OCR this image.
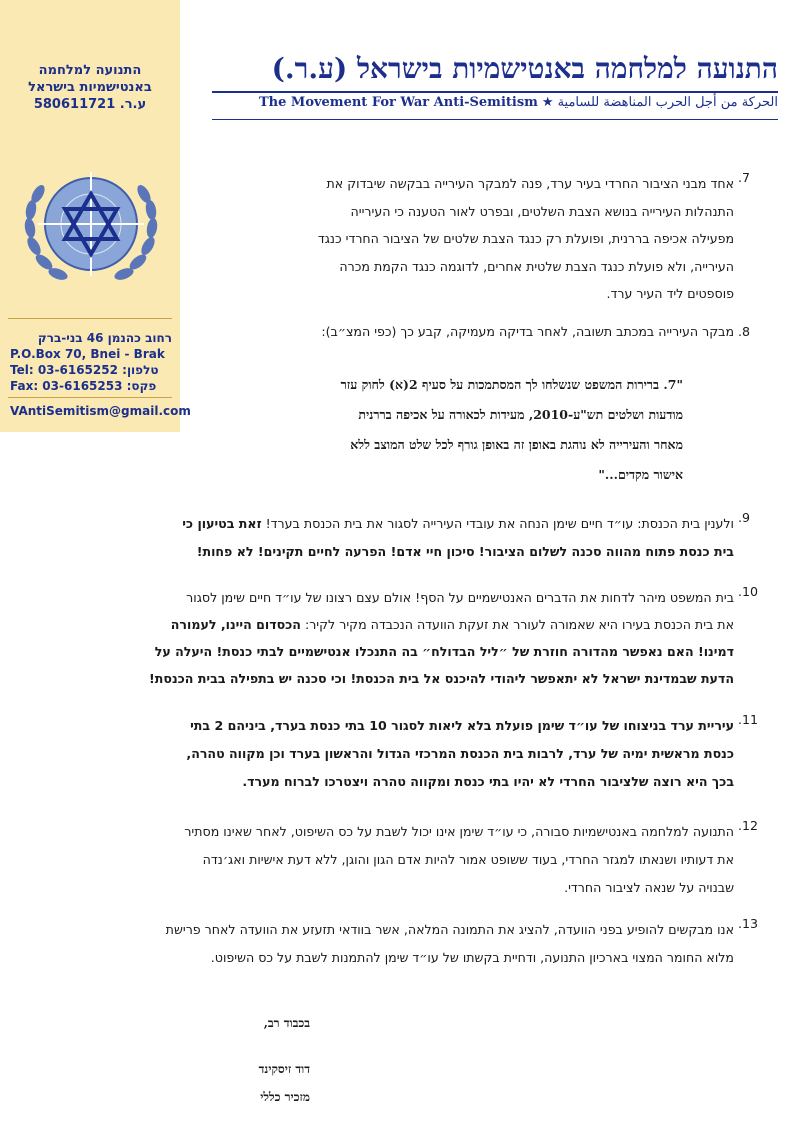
התנועה למלחמה
באנטישמיות בישראל
ע.ר. 580611721
רחוב כהנמן 46 בני-ברק
P.O.Box 70, Bnei - Brak
Tel: 03-6165252 :טלפון
Fax: 03-6165253 :פקס
VAntiSemitism@gmail.com
התנועה למלחמה באנטישמיות בישראל (ע.ר.)
The Movement For War Anti-Semitism ★ الحركة من أجل الحرب المناهضة للسامية
.7
אחד מבני הציבור החרדי בעיר ערד, פנה למבקר העירייה בבקשה שיבדוק את
התנהלות העירייה בנושא הצבת השלטים, ובפרט לאור הטענה כי העירייה
מפעילה אכיפה בררנית, ופועלת רק כנגד הצבת שלטים של הציבור החרדי כנגד
העירייה, ולא פועלת כנגד הצבת שלטית אחרים, לדוגמה כנגד הקמת מכרה
פוספטים ליד העיר ערד.
.8
מבקר העירייה במכתב תשובה, לאחר בדיקה מעמיקה, קבע כך (כפי המצ״ב):
"7. ברירות המשפט שנשלחו לך המסתמכות על סעיף 2(א) לחוק עזר
מודעות ושלטים תש"ע-2010, מעידות לכאורה על אכיפה בררנית
מאחר והעירייה לא נוהגת באופן זה באופן גורף לכל שלט המוצב ללא
אישור מקדים..."
.9
ולענין בית הכנסת: עו״ד חיים שימן הנחה את עובדי העירייה לסגור את בית הכנסת בערד! זאת בטיעון כי
בית כנסת פתוח מהווה סכנה לשלום הציבור! סיכון חיי אדם! הפרעה לחיים תקינים! לא פחות!
.10
בית המשפט מיהר לדחות את הדברים האנטישמיים על הסף! אולם עצם רצונו של עו״ד חיים שימן לסגור
את בית הכנסת בעירו היא שאמורה לעורר את זעקת הוועדה הנכבדה מקיר לקיר: הכסדום היינו, לעמורה
דמינו! האם נאפשר מהדורה חוזרת של ״ליל הבדולח״ בה התנכלו אנטישמיים לבתי כנסת! היעלה על
הדעת שבמדינת ישראל לא יתאפשר ליהודי להיכנס אל בית הכנסת! וכי סכנה יש בתפילה בבית הכנסת!
.11
עיריית ערד בניצוחו של עו״ד שימן פועלת בלא ליאות לסגור 10 בתי כנסת בערד, ביניהם 2 בתי
כנסת מראשית ימיה של ערד, לרבות בית הכנסת המרכזי הגדול והראשון בערד וכן מקווה טהרה,
בכך היא רוצה שלציבור החרדי לא יהיו בתי כנסת ומקווה טהרה ויצטרכו לברוח מערד.
.12
התנועה למלחמה באנטישמיות סבורה, כי עו״ד שימן אינו יכול לשבת על כס השיפוט, לאחר שאינו מסתיר
את דעותיו ושנאתו למגזר החרדי, בעוד ששופט אמור להיות אדם הגון והוגן, ללא דעת אישיות ואג׳נדה
שבנויה על שנאה לציבור החרדי.
.13
אנו מבקשים להופיע בפני הוועדה, להציג את התמונה המלאה, אשר בוודאי תזעזע את הוועדה לאחר פרישת
מלוא החומר המצוי בארכיון התנועה, ודחיית בקשתו של עו״ד שימן להתמנות לשבת על כס השיפוט.
בכבוד רב,
דוד זיסקינד
מזכיר כללי
